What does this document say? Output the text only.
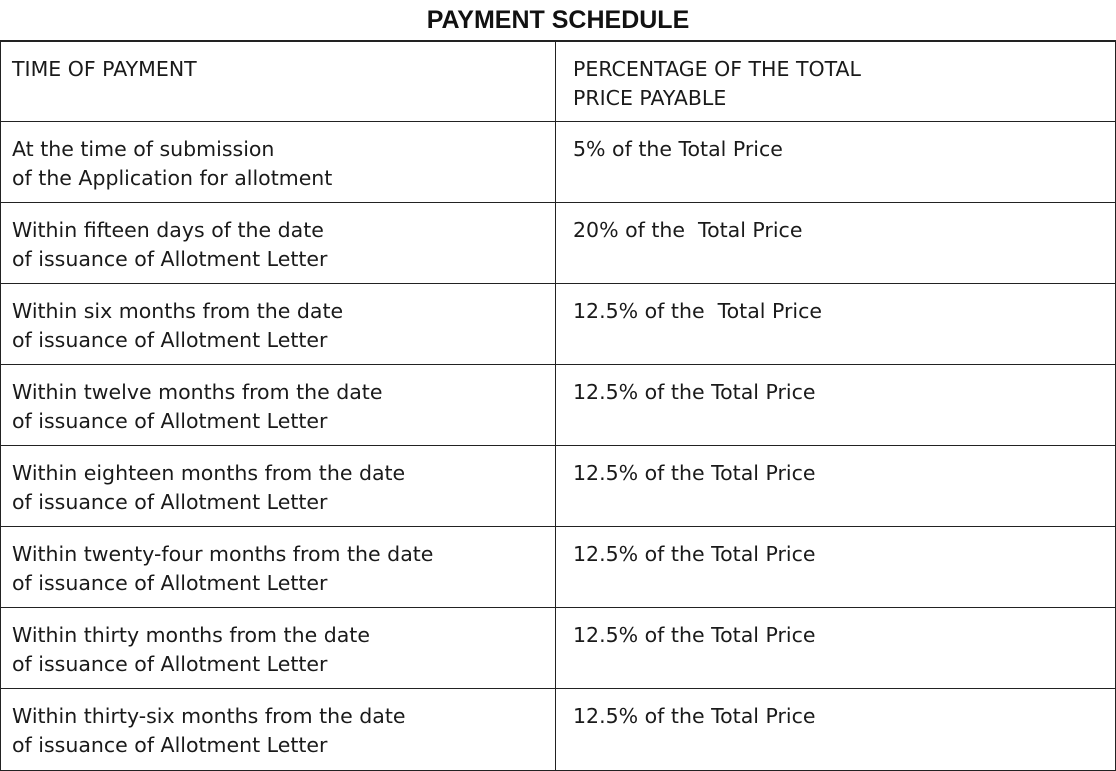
PAYMENT SCHEDULE
TIME OF PAYMENT	PERCENTAGE OF THE TOTAL
PRICE PAYABLE
At the time of submission
of the Application for allotment
5% of the Total Price
Within fifteen days of the date
of issuance of Allotment Letter
20% of the  Total Price
Within six months from the date
of issuance of Allotment Letter
12.5% of the  Total Price
Within twelve months from the date
of issuance of Allotment Letter
12.5% of the Total Price
Within eighteen months from the date
of issuance of Allotment Letter
12.5% of the Total Price
Within twenty-four months from the date
of issuance of Allotment Letter
12.5% of the Total Price
Within thirty months from the date
of issuance of Allotment Letter
12.5% of the Total Price
Within thirty-six months from the date
of issuance of Allotment Letter
12.5% of the Total Price
